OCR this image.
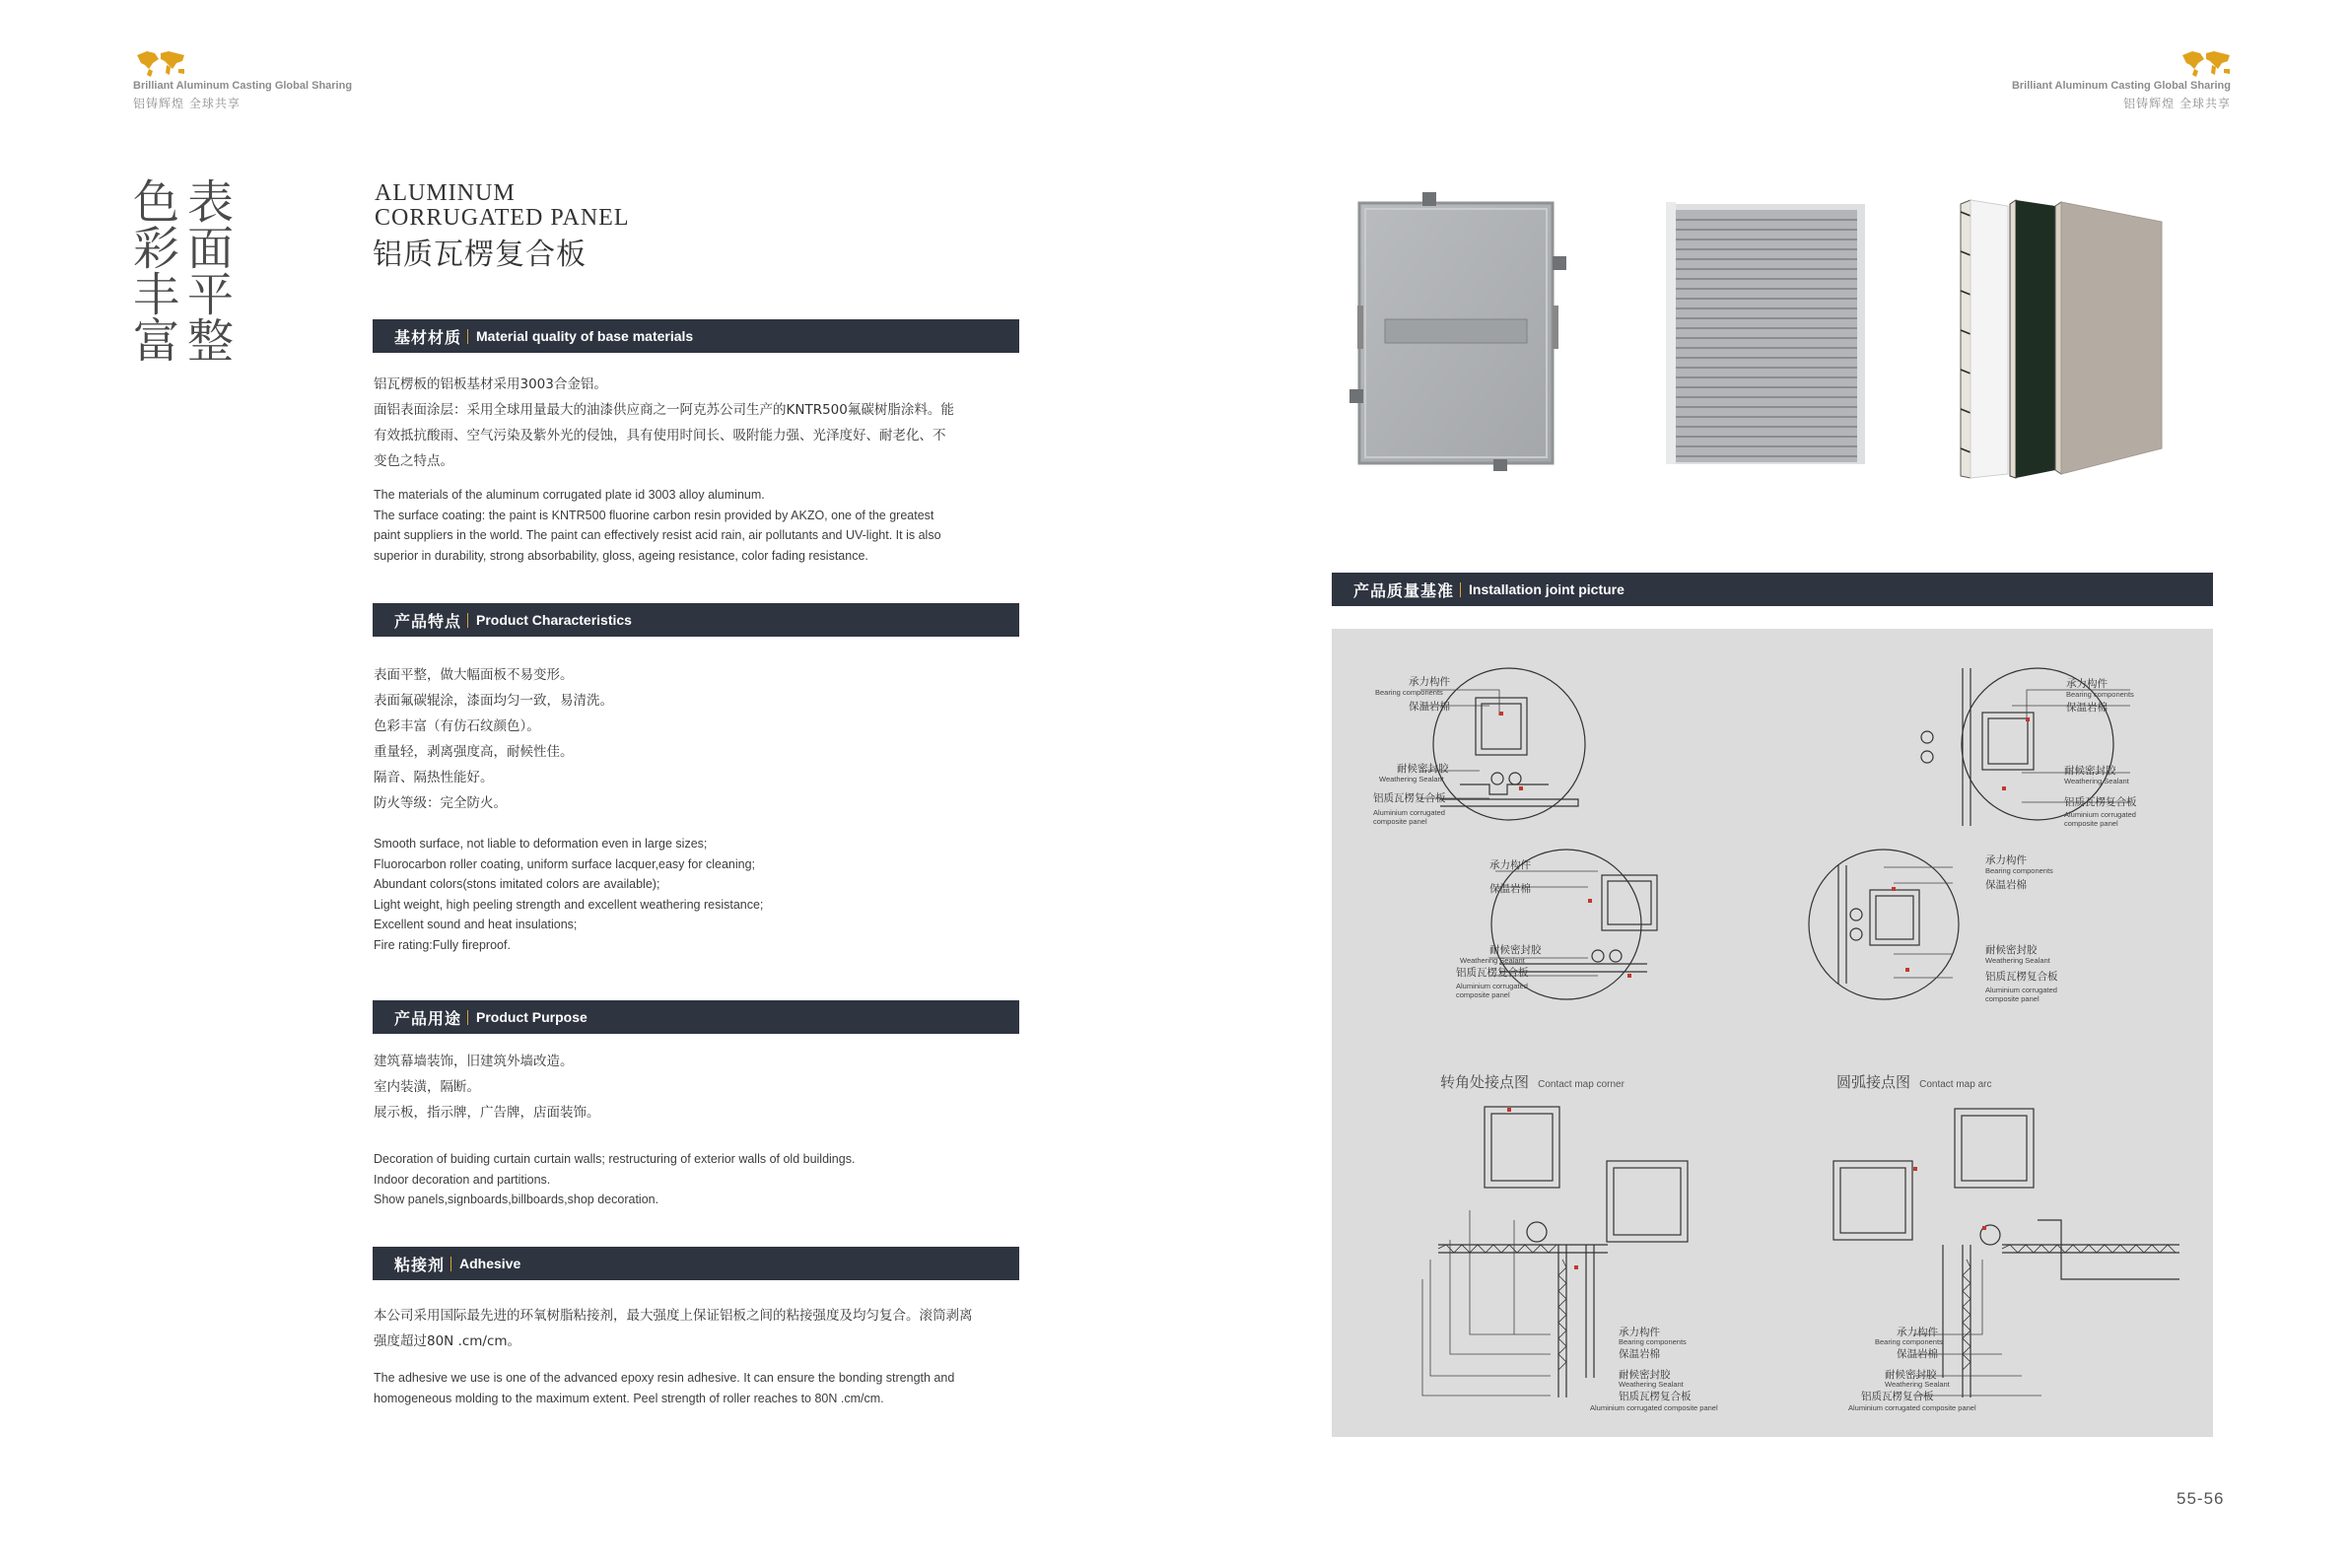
Brilliant Aluminum Casting Global Sharing
铝铸辉煌 全球共享
Brilliant Aluminum Casting Global Sharing
铝铸辉煌 全球共享
表面平整
色彩丰富	ALUMINUM
CORRUGATED PANEL
铝质瓦楞复合板
基材材质 Material quality of base materials
铝瓦楞板的铝板基材采用3003合金铝。
面铝表面涂层：采用全球用量最大的油漆供应商之一阿克苏公司生产的KNTR500氟碳树脂涂料。能
有效抵抗酸雨、空气污染及紫外光的侵蚀，具有使用时间长、吸附能力强、光泽度好、耐老化、不
变色之特点。
The materials of the aluminum corrugated plate id 3003 alloy aluminum.
The surface coating: the paint is KNTR500 fluorine carbon resin provided by AKZO, one of the greatest
paint suppliers in the world. The paint can effectively resist acid rain, air pollutants and UV-light. It is also
superior in durability, strong absorbability, gloss, ageing resistance, color fading resistance.
产品特点 Product Characteristics
表面平整，做大幅面板不易变形。
表面氟碳辊涂，漆面均匀一致，易清洗。
色彩丰富（有仿石纹颜色）。
重量轻，剥离强度高，耐候性佳。
隔音、隔热性能好。
防火等级：完全防火。
Smooth surface, not liable to deformation even in large sizes;
Fluorocarbon roller coating, uniform surface lacquer,easy for cleaning;
Abundant colors(stons imitated colors are available);
Light weight, high peeling strength and excellent weathering resistance;
Excellent sound and heat insulations;
Fire rating:Fully fireproof.
产品用途 Product Purpose
建筑幕墙装饰，旧建筑外墙改造。
室内装潢，隔断。
展示板，指示牌，广告牌，店面装饰。
Decoration of buiding curtain curtain walls; restructuring of exterior walls of old buildings.
Indoor decoration and partitions.
Show panels,signboards,billboards,shop decoration.
粘接剂 Adhesive
本公司采用国际最先进的环氧树脂粘接剂，最大强度上保证铝板之间的粘接强度及均匀复合。滚筒剥离
强度超过80N .cm/cm。
The adhesive we use is one of the advanced epoxy resin adhesive. It can ensure the bonding strength and
homogeneous molding to the maximum extent. Peel strength of roller reaches to 80N .cm/cm.
产品质量基准 Installation joint picture
承力构件
Bearing components
保温岩棉
耐候密封胶
Weathering Sealant
铝质瓦楞复合板
Aluminium corrugated
composite panel
承力构件
Bearing components
保温岩棉
耐候密封胶
Weathering Sealant
铝质瓦楞复合板
Aluminium corrugated
composite panel
承力构件
保温岩棉
耐候密封胶
Weathering Sealant
铝质瓦楞复合板
Aluminium corrugated
composite panel
承力构件
Bearing components
保温岩棉
耐候密封胶
Weathering Sealant
铝质瓦楞复合板
Aluminium corrugated
composite panel
转角处接点图 Contact map corner	圆弧接点图 Contact map arc
承力构件
Bearing components
保温岩棉
耐候密封胶
Weathering Sealant
铝质瓦楞复合板
Aluminium corrugated composite panel
承力构件
Bearing components
保温岩棉
耐候密封胶
Weathering Sealant
铝质瓦楞复合板
Aluminium corrugated composite panel
55-56
